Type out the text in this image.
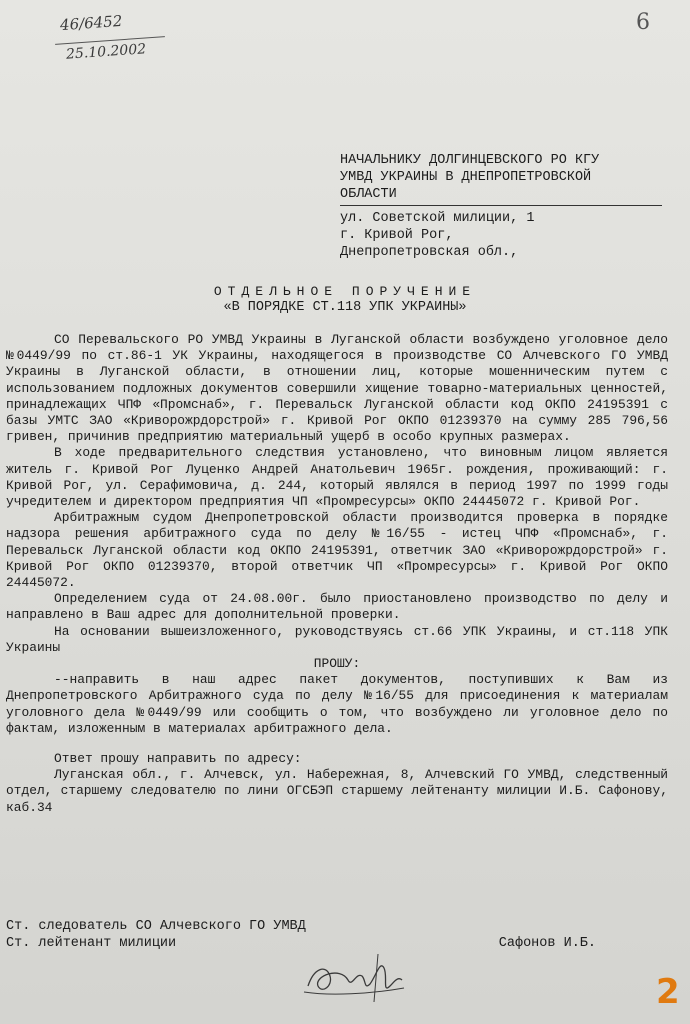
46/6452
25.10.2002
6
НАЧАЛЬНИКУ ДОЛГИНЦЕВСКОГО РО КГУ
УМВД УКРАИНЫ В ДНЕПРОПЕТРОВСКОЙ
ОБЛАСТИ
ул. Советской милиции, 1
г. Кривой Рог,
Днепропетровская обл.,
ОТДЕЛЬНОЕ ПОРУЧЕНИЕ
«В ПОРЯДКЕ СТ.118 УПК УКРАИНЫ»

СО Перевальского РО УМВД Украины в Луганской области возбуждено уголовное дело №0449/99 по ст.86-1 УК Украины, находящегося в производстве СО Алчевского ГО УМВД Украины в Луганской области, в отношении лиц, которые мошенническим путем с использованием подложных документов совершили хищение товарно-материальных ценностей, принадлежащих ЧПФ «Промснаб», г. Перевальск Луганской области код ОКПО 24195391 с базы УМТС ЗАО «Криворожрдорстрой» г. Кривой Рог ОКПО 01239370 на сумму 285 796,56 гривен, причинив предприятию материальный ущерб в особо крупных размерах.

В ходе предварительного следствия установлено, что виновным лицом является житель г. Кривой Рог Луценко Андрей Анатольевич 1965г. рождения, проживающий: г. Кривой Рог, ул. Серафимовича, д. 244, который являлся в период 1997 по 1999 годы учредителем и директором предприятия ЧП «Промресурсы» ОКПО 24445072 г. Кривой Рог.

Арбитражным судом Днепропетровской области производится проверка в порядке надзора решения арбитражного суда по делу №16/55 - истец ЧПФ «Промснаб», г. Перевальск Луганской области код ОКПО 24195391, ответчик ЗАО «Криворожрдорстрой» г. Кривой Рог ОКПО 01239370, второй ответчик ЧП «Промресурсы» г. Кривой Рог ОКПО 24445072.

Определением суда от 24.08.00г. было приостановлено производство по делу и направлено в Ваш адрес для дополнительной проверки.

На основании вышеизложенного, руководствуясь ст.66 УПК Украины, и ст.118 УПК Украины

ПРОШУ:

--направить в наш адрес пакет документов, поступивших к Вам из Днепропетровского Арбитражного суда по делу №16/55 для присоединения к материалам уголовного дела №0449/99 или сообщить о том, что возбуждено ли уголовное дело по фактам, изложенным в материалах арбитражного дела.

Ответ прошу направить по адресу:

Луганская обл., г. Алчевск, ул. Набережная, 8, Алчевский ГО УМВД, следственный отдел, старшему следователю по лини ОГСБЭП старшему лейтенанту милиции И.Б. Сафонову, каб.34

Ст. следователь СО Алчевского ГО УМВД
Ст. лейтенант милиции	Сафонов И.Б.
2
